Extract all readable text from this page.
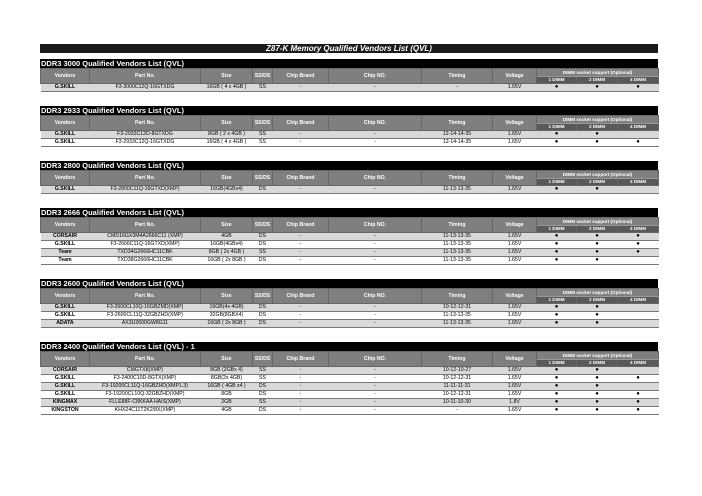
Z87-K Memory Qualified Vendors List (QVL)
DDR3 3000 Qualified Vendors List (QVL)
Vendors	Part No.	Size	SS/DS	Chip Brand	Chip NO.	Timing	Voltage	DIMM socket support (Optional)		
								1 DIMM	2 DIMM	4 DIMM
G.SKILL	F3-3000C12Q-16GTXDG	16GB ( 4 x 4GB )	SS	-	-	-	1.65V	●	●	●
DDR3 2933 Qualified Vendors List (QVL)
Vendors	Part No.	Size	SS/DS	Chip Brand	Chip NO.	Timing	Voltage	DIMM socket support (Optional)		
								1 DIMM	2 DIMM	4 DIMM
G.SKILL	F3-2933C12D-8GTXDG	8GB ( 2 x 4GB )	SS	-	-	12-14-14-35	1.65V	●	●	
G.SKILL	F3-2933C12Q-16GTXDG	16GB ( 4 x 4GB )	SS	-	-	12-14-14-35	1.65V	●	●	●
DDR3 2800 Qualified Vendors List (QVL)
Vendors	Part No.	Size	SS/DS	Chip Brand	Chip NO.	Timing	Voltage	DIMM socket support (Optional)		
								1 DIMM	2 DIMM	4 DIMM
G.SKILL	F3-2800C11Q-16GTXD(XMP)	16GB(4GBx4)	DS	-	-	11-13-13-35	1.65V	●	●	
DDR3 2666 Qualified Vendors List (QVL)
Vendors	Part No.	Size	SS/DS	Chip Brand	Chip NO.	Timing	Voltage	DIMM socket support (Optional)		
								1 DIMM	2 DIMM	4 DIMM
CORSAIR	CMD16GX3M4A2666C11 (XMP)	4GB	DS	-	-	11-13-13-35	1.65V	●	●	●
G.SKILL	F3-2666C11Q-16GTXD(XMP)	16GB(4GBx4)	DS	-	-	11-13-13-35	1.65V	●	●	●
Team	TXD34G2666HC11CBK	8GB ( 2x 4GB )	SS	-	-	11-13-13-35	1.65V	●	●	●
Team	TXD38G2666HC11CBK	16GB ( 2x 8GB )	DS	-	-	11-13-13-35	1.65V	●	●	
DDR3 2600 Qualified Vendors List (QVL)
Vendors	Part No.	Size	SS/DS	Chip Brand	Chip NO.	Timing	Voltage	DIMM socket support (Optional)		
								1 DIMM	2 DIMM	4 DIMM
G.SKILL	F3-2600CL10Q-16GBZMD(XMP)	16GB(4x 4GB)	DS	-	-	10-12-12-31	1.65V	●	●	
G.SKILL	F3-2600CL11Q-32GBZHD(XMP)	32GB(8GBX4)	DS	-	-	11-13-13-35	1.65V	●	●	
ADATA	AX3U2600GW8G11	16GB ( 2x 8GB )	DS	-	-	11-13-13-35	1.65V	●	●	
DDR3 2400 Qualified Vendors List (QVL) - 1
Vendors	Part No.	Size	SS/DS	Chip Brand	Chip NO.	Timing	Voltage	DIMM socket support (Optional)		
								1 DIMM	2 DIMM	4 DIMM
CORSAIR	CMGTX8(XMP)	8GB (2GBx 4)	SS	-	-	10-12-10-27	1.65V	●	●	
G.SKILL	F3-2400C10D-8GTX(XMP)	8GB(2x 4GB)	SS	-	-	10-12-12-31	1.65V	●	●	●
G.SKILL	F3-19200CL11Q-16GBZHD(XMP1.3)	16GB ( 4GB x4 )	DS	-	-	11-11-11-31	1.65V	●	●	
G.SKILL	F3-19200CL10Q-32GBZHD(XMP)	8GB	DS	-	-	10-12-12-31	1.65V	●	●	●
KINGMAX	FLLE88F-C8KKAA HAIS(XMP)	2GB	SS	-	-	10-11-10-30	1.8V	●	●	●
KINGSTON	KHX24C11T2K2/8X(XMP)	4GB	DS	-	-	-	1.65V	●	●	●
